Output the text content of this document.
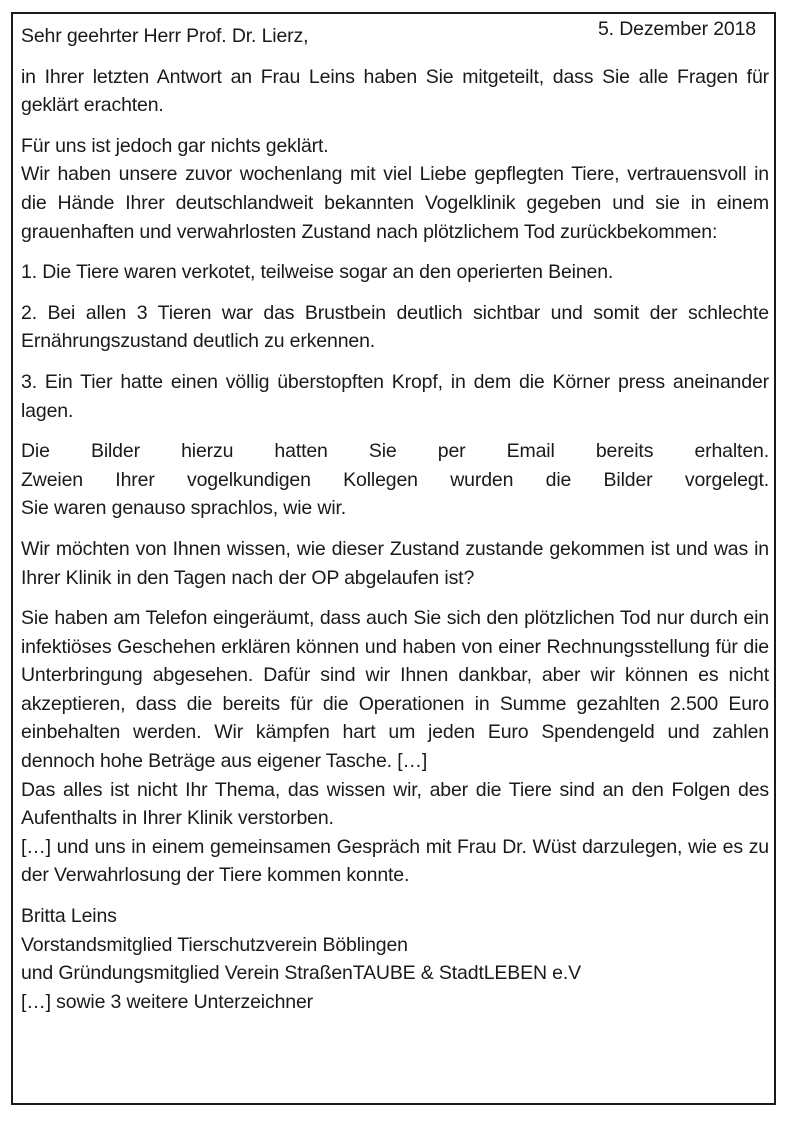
5. Dezember 2018
Sehr geehrter Herr Prof. Dr. Lierz,

in Ihrer letzten Antwort an Frau Leins haben Sie mitgeteilt, dass Sie alle Fragen für geklärt erachten.

Für uns ist jedoch gar nichts geklärt.
Wir haben unsere zuvor wochenlang mit viel Liebe gepflegten Tiere, vertrauensvoll in die Hände Ihrer deutschlandweit bekannten Vogelklinik gegeben und sie in einem grauenhaften und verwahrlosten Zustand nach plötzlichem Tod zurückbekommen:

1. Die Tiere waren verkotet, teilweise sogar an den operierten Beinen.

2. Bei allen 3 Tieren war das Brustbein deutlich sichtbar und somit der schlechte Ernährungszustand deutlich zu erkennen.

3. Ein Tier hatte einen völlig überstopften Kropf, in dem die Körner press aneinander lagen.

Die Bilder hierzu hatten Sie per Email bereits erhalten.
Zweien Ihrer vogelkundigen Kollegen wurden die Bilder vorgelegt.
Sie waren genauso sprachlos, wie wir.

Wir möchten von Ihnen wissen, wie dieser Zustand zustande gekommen ist und was in Ihrer Klinik in den Tagen nach der OP abgelaufen ist?

Sie haben am Telefon eingeräumt, dass auch Sie sich den plötzlichen Tod nur durch ein infektiöses Geschehen erklären können und haben von einer Rechnungsstellung für die Unterbringung abgesehen. Dafür sind wir Ihnen dankbar, aber wir können es nicht akzeptieren, dass die bereits für die Operationen in Summe gezahlten 2.500 Euro einbehalten werden. Wir kämpfen hart um jeden Euro Spendengeld und zahlen dennoch hohe Beträge aus eigener Tasche. […]
Das alles ist nicht Ihr Thema, das wissen wir, aber die Tiere sind an den Folgen des Aufenthalts in Ihrer Klinik verstorben.
[…] und uns in einem gemeinsamen Gespräch mit Frau Dr. Wüst darzulegen, wie es zu der Verwahrlosung der Tiere kommen konnte.

Britta Leins
Vorstandsmitglied Tierschutzverein Böblingen
und Gründungsmitglied Verein StraßenTAUBE & StadtLEBEN e.V
[…] sowie 3 weitere Unterzeichner
